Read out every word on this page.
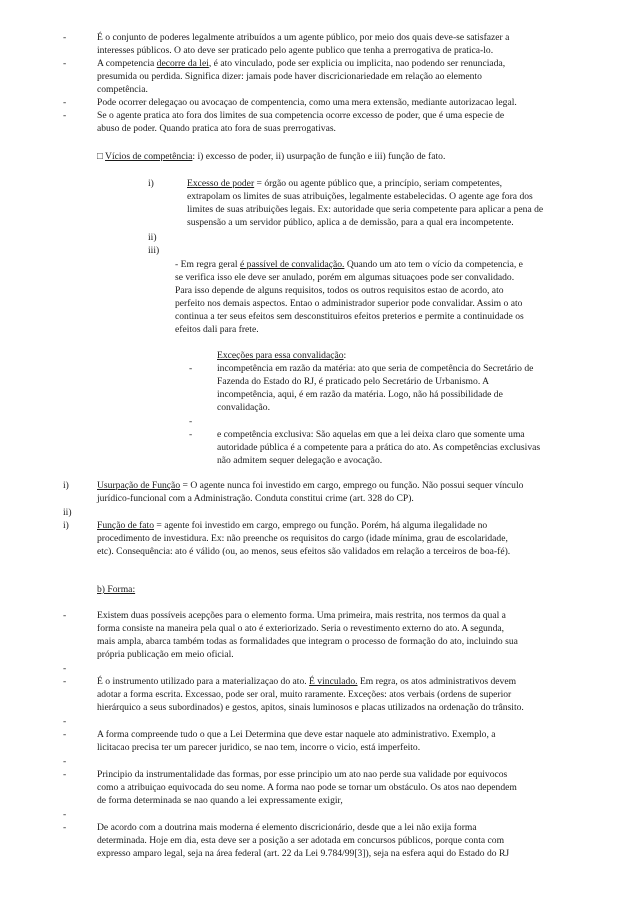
-	É o conjunto de poderes legalmente atribuídos a um agente público, por meio dos quais deve-se satisfazer a

interesses públicos. O ato deve ser praticado pelo agente publico que tenha a prerrogativa de pratica-lo.

-	A competencia decorre da lei, é ato vinculado, pode ser explicia ou implicita, nao podendo ser renunciada,

presumida ou perdida. Significa dizer: jamais pode haver discricionariedade em relação ao elemento

competência.

-	Pode ocorrer delegaçao ou avocaçao de compentencia, como uma mera extensão, mediante autorizacao legal.

-	Se o agente pratica ato fora dos limites de sua competencia ocorre excesso de poder, que é uma especie de

abuso de poder. Quando pratica ato fora de suas prerrogativas.

□ Vícios de competência: i) excesso de poder, ii) usurpação de função e iii) função de fato.

i)	Excesso de poder = órgão ou agente público que, a princípio, seriam competentes,

extrapolam os limites de suas atribuições, legalmente estabelecidas. O agente age fora dos

limites de suas atribuições legais. Ex: autoridade que seria competente para aplicar a pena de

suspensão a um servidor público, aplica a de demissão, para a qual era incompetente.

ii)

iii)

- Em regra geral é passível de convalidação. Quando um ato tem o vício da competencia, e

se verifica isso ele deve ser anulado, porém em algumas situaçoes pode ser convalidado.

Para isso depende de alguns requisitos, todos os outros requisitos estao de acordo, ato

perfeito nos demais aspectos. Entao o administrador superior pode convalidar. Assim o ato

continua a ter seus efeitos sem desconstituiros efeitos preterios e permite a continuidade os

efeitos dali para frete.

Exceções para essa convalidação:

-	incompetência em razão da matéria: ato que seria de competência do Secretário de

Fazenda do Estado do RJ, é praticado pelo Secretário de Urbanismo. A

incompetência, aqui, é em razão da matéria. Logo, não há possibilidade de

convalidação.

-

-	e competência exclusiva: São aquelas em que a lei deixa claro que somente uma

autoridade pública é a competente para a prática do ato. As competências exclusivas

não admitem sequer delegação e avocação.

i)	Usurpação de Função = O agente nunca foi investido em cargo, emprego ou função. Não possui sequer vínculo

jurídico-funcional com a Administração. Conduta constitui crime (art. 328 do CP).

ii)

i)	Função de fato = agente foi investido em cargo, emprego ou função. Porém, há alguma ilegalidade no

procedimento de investidura. Ex: não preenche os requisitos do cargo (idade mínima, grau de escolaridade,

etc). Consequência: ato é válido (ou, ao menos, seus efeitos são validados em relação a terceiros de boa-fé).

b) Forma:

-	Existem duas possíveis acepções para o elemento forma. Uma primeira, mais restrita, nos termos da qual a

forma consiste na maneira pela qual o ato é exteriorizado. Seria o revestimento externo do ato. A segunda,

mais ampla, abarca também todas as formalidades que integram o processo de formação do ato, incluindo sua

própria publicação em meio oficial.

-

-	É o instrumento utilizado para a materializaçao do ato. É vinculado. Em regra, os atos administrativos devem

adotar a forma escrita. Excessao, pode ser oral, muito raramente. Exceções: atos verbais (ordens de superior

hierárquico a seus subordinados) e gestos, apitos, sinais luminosos e placas utilizados na ordenação do trânsito.

-

-	A forma compreende tudo o que a Lei Determina que deve estar naquele ato administrativo. Exemplo, a

licitacao precisa ter um parecer juridico, se nao tem, incorre o vicio, está imperfeito.

-

-	Principio da instrumentalidade das formas, por esse principio um ato nao perde sua validade por equivocos

como a atribuiçao equivocada do seu nome. A forma nao pode se tornar um obstáculo. Os atos nao dependem

de forma determinada se nao quando a lei expressamente exigir,

-

-	De acordo com a doutrina mais moderna é elemento discricionário, desde que a lei não exija forma

determinada. Hoje em dia, esta deve ser a posição a ser adotada em concursos públicos, porque conta com

expresso amparo legal, seja na área federal (art. 22 da Lei 9.784/99[3]), seja na esfera aqui do Estado do RJ
